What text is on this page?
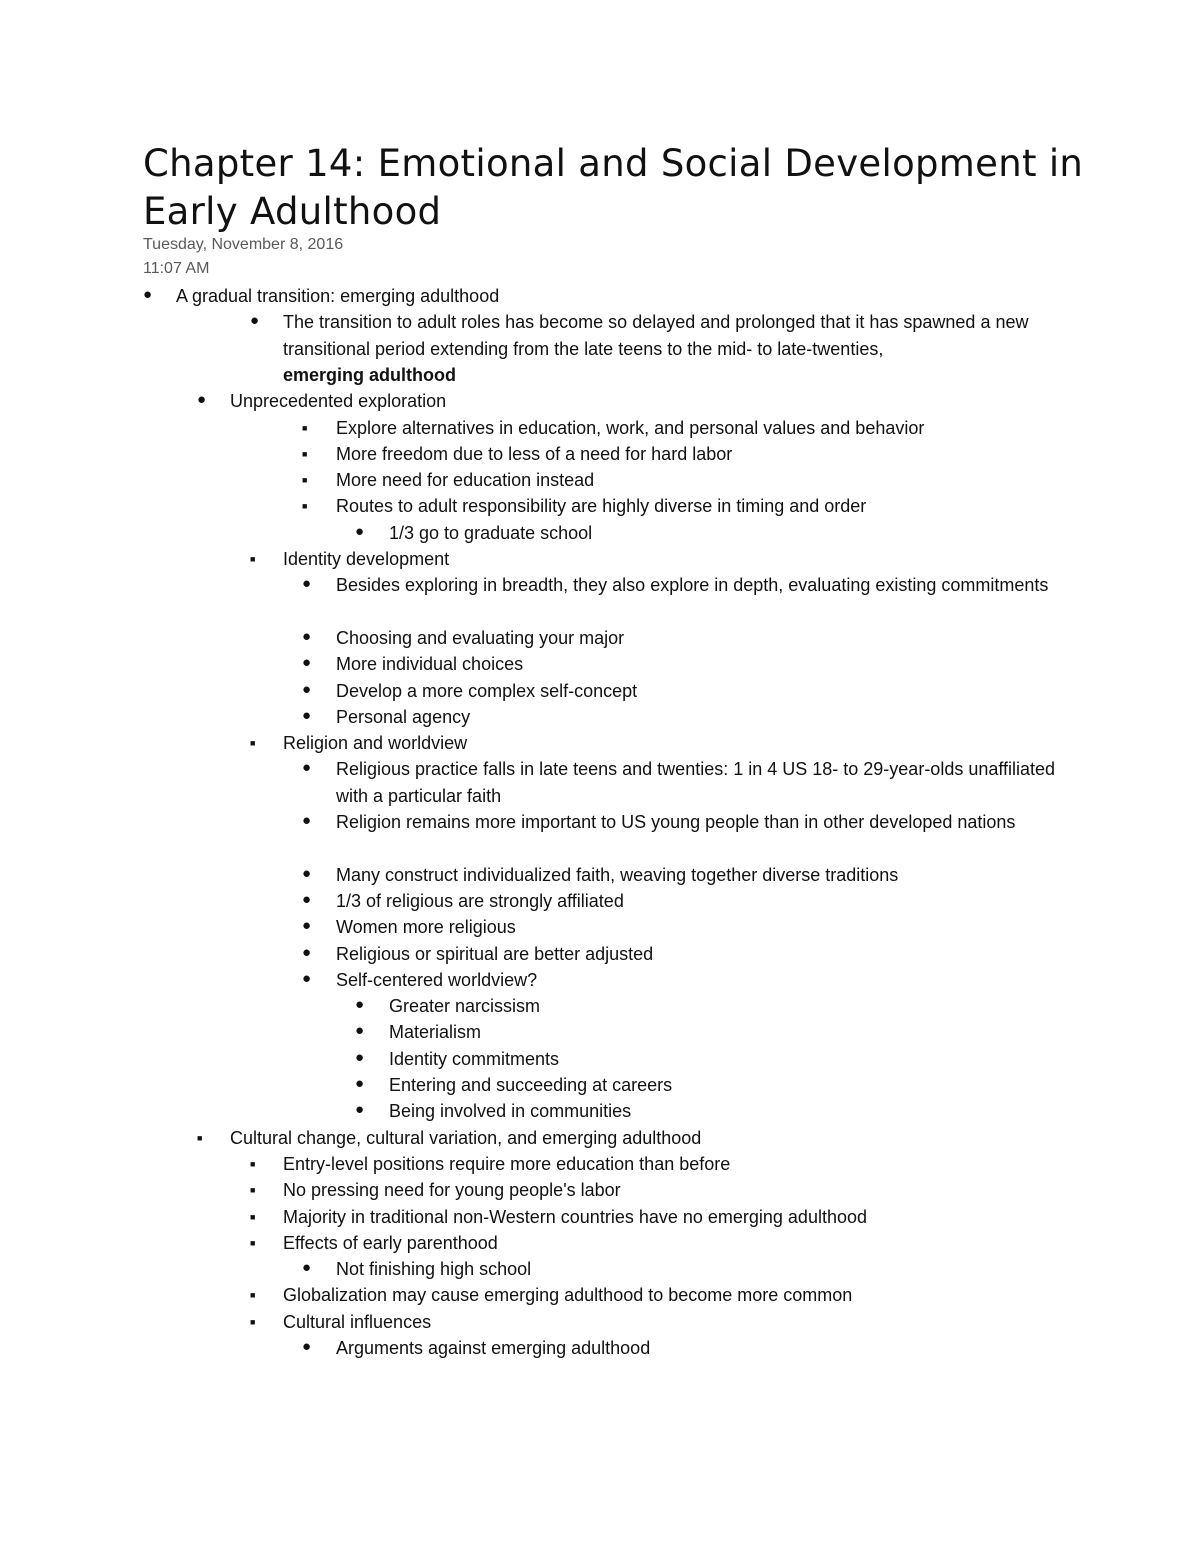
Chapter 14: Emotional and Social Development in Early Adulthood
Tuesday, November 8, 2016
11:07 AM
● A gradual transition: emerging adulthood
● The transition to adult roles has become so delayed and prolonged that it has spawned a new transitional period extending from the late teens to the mid- to late-twenties,
emerging adulthood
● Unprecedented exploration
■ Explore alternatives in education, work, and personal values and behavior
■ More freedom due to less of a need for hard labor
■ More need for education instead
■ Routes to adult responsibility are highly diverse in timing and order
● 1/3 go to graduate school
■ Identity development
● Besides exploring in breadth, they also explore in depth, evaluating existing commitments
● Choosing and evaluating your major
● More individual choices
● Develop a more complex self-concept
● Personal agency
■ Religion and worldview
● Religious practice falls in late teens and twenties: 1 in 4 US 18- to 29-year-olds unaffiliated with a particular faith
● Religion remains more important to US young people than in other developed nations
● Many construct individualized faith, weaving together diverse traditions
● 1/3 of religious are strongly affiliated
● Women more religious
● Religious or spiritual are better adjusted
● Self-centered worldview?
● Greater narcissism
● Materialism
● Identity commitments
● Entering and succeeding at careers
● Being involved in communities
■ Cultural change, cultural variation, and emerging adulthood
■ Entry-level positions require more education than before
■ No pressing need for young people's labor
■ Majority in traditional non-Western countries have no emerging adulthood
■ Effects of early parenthood
● Not finishing high school
■ Globalization may cause emerging adulthood to become more common
■ Cultural influences
● Arguments against emerging adulthood
